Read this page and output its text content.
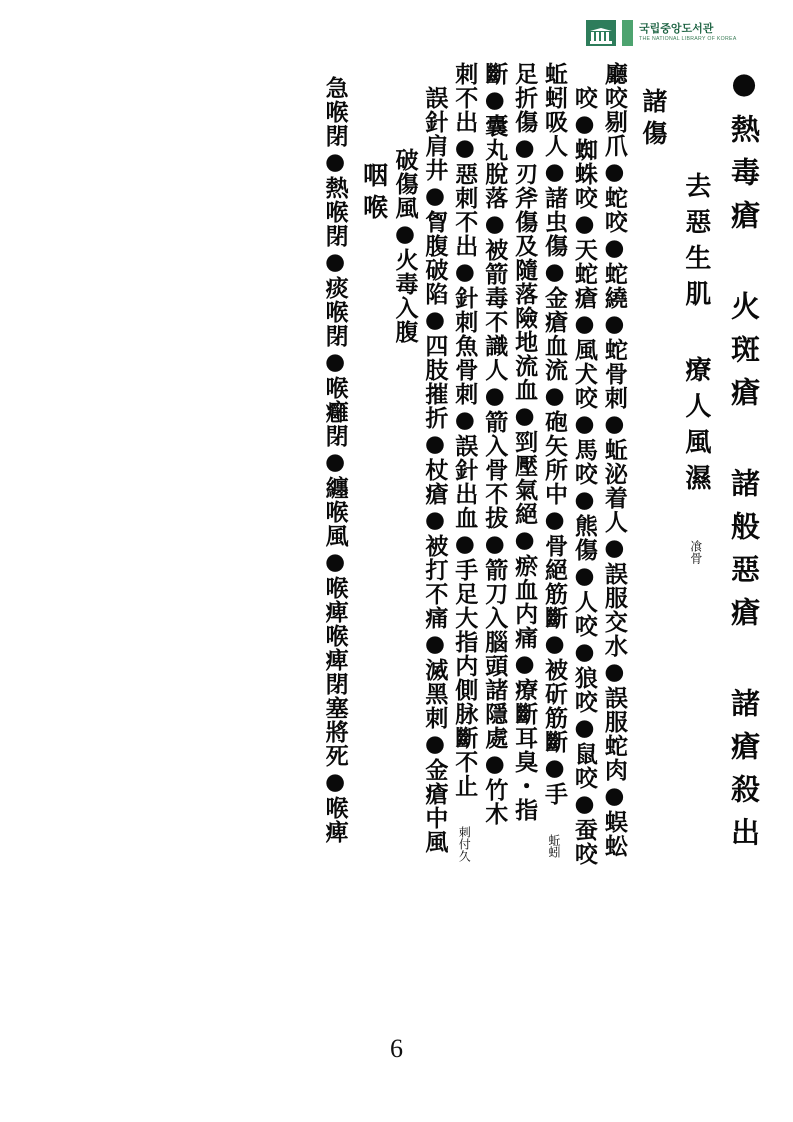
국립중앙도서관
THE NATIONAL LIBRARY OF KOREA
●熱毒瘡 火斑瘡 諸般惡瘡 諸瘡殺出
去惡生肌 療人風濕 飡骨
諸傷
廳咬剔爪●蛇咬●蛇繞●蛇骨刺●蚯泌着人●誤服交水●誤服蛇肉●蜈蚣
咬●蜘蛛咬●天蛇瘡●風犬咬●馬咬●熊傷●人咬●狼咬●鼠咬●蚕咬
蚯蚓吸人●諸虫傷●金瘡血流●砲矢所中●骨絕筋斷●被斫筋斷●手 蚯蚓
足折傷●刃斧傷及隨落險地流血●剄壓氣絕●瘀血内痛●療斷耳臭・指
斷●囊丸脫落●被箭毒不識人●箭入骨不拔●箭刀入腦頭諸隱處●竹木
刺不出●惡刺不出●針刺魚骨刺●誤針出血●手足大指内側脉斷不止 刺付久
誤針肩井●胷腹破陷●四肢摧折●杖瘡●被打不痛●滅黑刺●金瘡中風
破傷風●火毒入腹
咽喉
急喉閉●熱喉閉●痰喉閉●喉癰閉●纏喉風●喉痺喉痺閉塞將死●喉痺
6
